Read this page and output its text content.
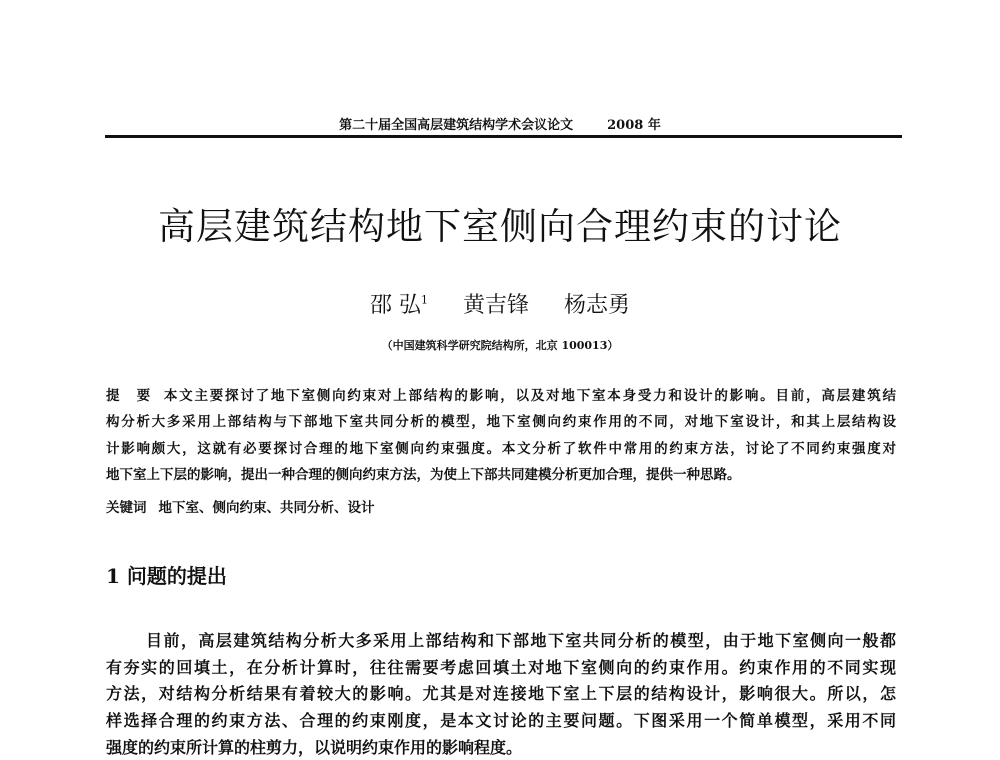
第二十届全国高层建筑结构学术会议论文	2008 年
高层建筑结构地下室侧向合理约束的讨论
邵 弘$^1$ 黄吉锋 杨志勇
（中国建筑科学研究院结构所，北京 100013）
提　要 本文主要探讨了地下室侧向约束对上部结构的影响，以及对地下室本身受力和设计的影响。目前，高层建筑结
构分析大多采用上部结构与下部地下室共同分析的模型，地下室侧向约束作用的不同，对地下室设计，和其上层结构设
计影响颇大，这就有必要探讨合理的地下室侧向约束强度。本文分析了软件中常用的约束方法，讨论了不同约束强度对
地下室上下层的影响，提出一种合理的侧向约束方法，为使上下部共同建模分析更加合理，提供一种思路。
关键词 地下室、侧向约束、共同分析、设计
1 问题的提出
目前，高层建筑结构分析大多采用上部结构和下部地下室共同分析的模型，由于地下室侧向一般都
有夯实的回填土，在分析计算时，往往需要考虑回填土对地下室侧向的约束作用。约束作用的不同实现
方法，对结构分析结果有着较大的影响。尤其是对连接地下室上下层的结构设计，影响很大。所以，怎
样选择合理的约束方法、合理的约束刚度，是本文讨论的主要问题。下图采用一个简单模型，采用不同
强度的约束所计算的柱剪力，以说明约束作用的影响程度。
